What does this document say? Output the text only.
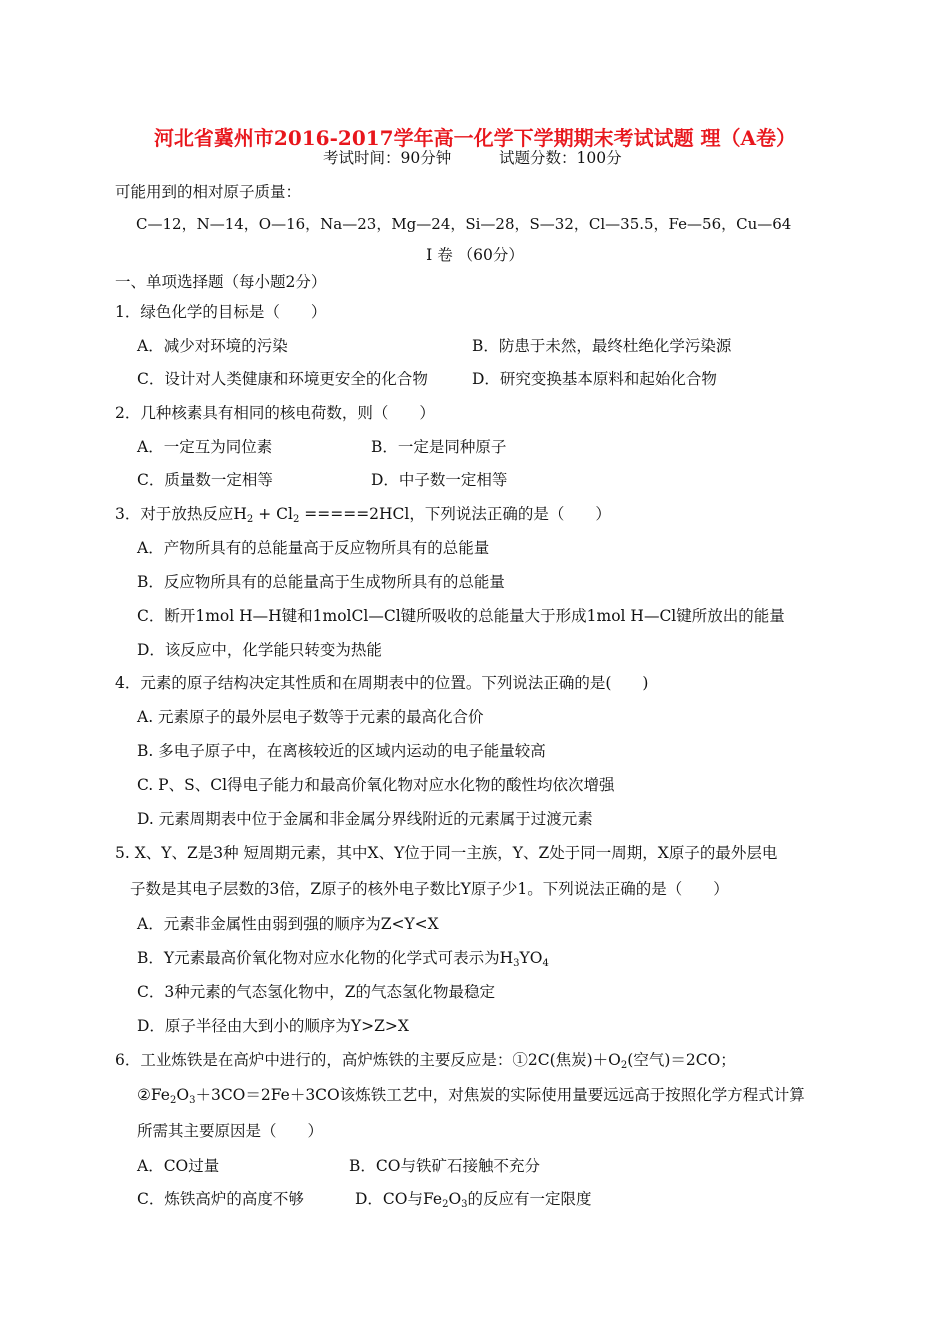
河北省冀州市2016-2017学年高一化学下学期期末考试试题 理（A卷）
考试时间：90分钟	试题分数：100分
可能用到的相对原子质量：
C—12，N—14，O—16，Na—23，Mg—24，Si—28，S—32，Cl—35.5，Fe—56，Cu—64
I 卷 （60分）
一、单项选择题（每小题2分）
1．绿色化学的目标是（　　）
A．减少对环境的污染	B．防患于未然，最终杜绝化学污染源
C．设计对人类健康和环境更安全的化合物	D．研究变换基本原料和起始化合物
2．几种核素具有相同的核电荷数，则（　　）
A．一定互为同位素	B．一定是同种原子
C．质量数一定相等	D．中子数一定相等
3．对于放热反应$H_2 + Cl_2 =====2HCl$，下列说法正确的是（　　）
A．产物所具有的总能量高于反应物所具有的总能量
B．反应物所具有的总能量高于生成物所具有的总能量
C．断开1mol H—H键和1molCl—Cl键所吸收的总能量大于形成1mol H—Cl键所放出的能量
D．该反应中，化学能只转变为热能
4．元素的原子结构决定其性质和在周期表中的位置。下列说法正确的是(　　)
A. 元素原子的最外层电子数等于元素的最高化合价
B. 多电子原子中，在离核较近的区域内运动的电子能量较高
C. P、S、Cl得电子能力和最高价氧化物对应水化物的酸性均依次增强
D. 元素周期表中位于金属和非金属分界线附近的元素属于过渡元素
5. X、Y、Z是3种 短周期元素，其中X、Y位于同一主族，Y、Z处于同一周期，X原子的最外层电
子数是其电子层数的3倍，Z原子的核外电子数比Y原子少1。下列说法正确的是（　　）
A．元素非金属性由弱到强的顺序为Z<Y<X
B．Y元素最高价氧化物对应水化物的化学式可表示为$H_3YO_4$
C．3种元素的气态氢化物中，Z的气态氢化物最稳定
D．原子半径由大到小的顺序为Y>Z>X
6．工业炼铁是在高炉中进行的，高炉炼铁的主要反应是：①2C(焦炭)$+O_2$(空气)＝2CO；
$②Fe_2O_3+3CO=2Fe+3CO$该炼铁工艺中，对焦炭的实际使用量要远远高于按照化学方程式计算
所需其主要原因是（　　）
A．CO过量	B．CO与铁矿石接触不充分
C．炼铁高炉的高度不够	D．CO与$Fe_2O_3$的反应有一定限度
